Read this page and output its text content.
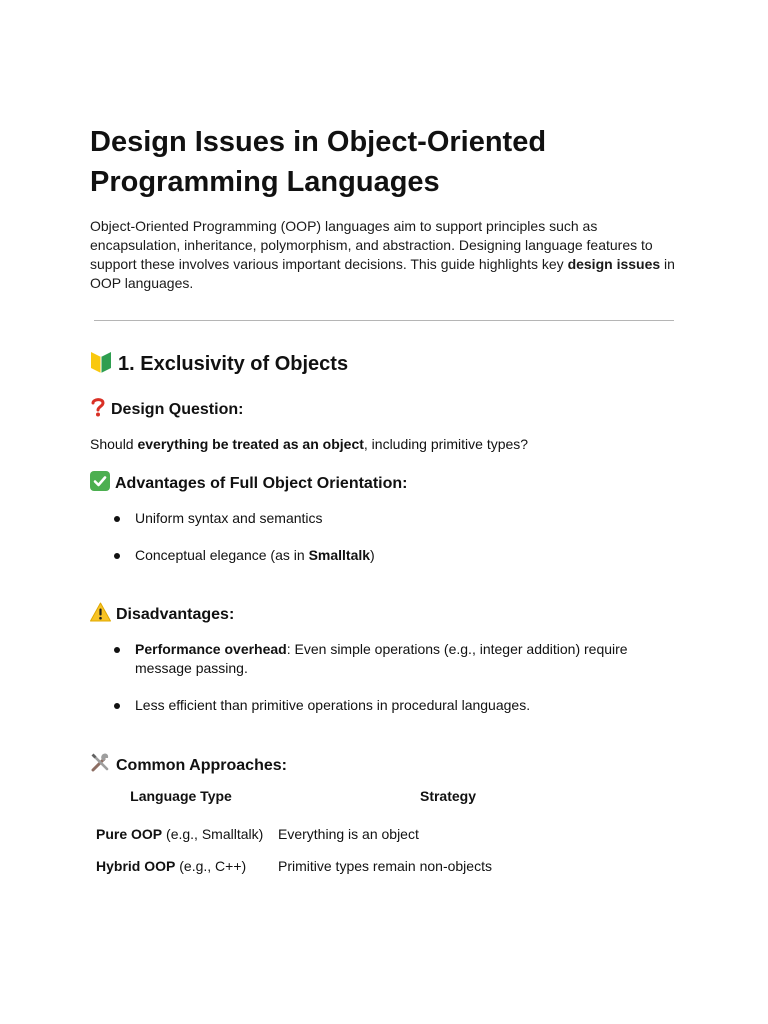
Design Issues in Object-Oriented Programming Languages

Object-Oriented Programming (OOP) languages aim to support principles such as encapsulation, inheritance, polymorphism, and abstraction. Designing language features to support these involves various important decisions. This guide highlights key design issues in OOP languages.

1. Exclusivity of Objects
Design Question:

Should everything be treated as an object, including primitive types?

Advantages of Full Object Orientation:
Uniform syntax and semantics
Conceptual elegance (as in Smalltalk)
Disadvantages:
Performance overhead: Even simple operations (e.g., integer addition) require message passing.
Less efficient than primitive operations in procedural languages.
Common Approaches:
Language Type	Strategy
Pure OOP (e.g., Smalltalk)	Everything is an object
Hybrid OOP (e.g., C++)	Primitive types remain non-objects
